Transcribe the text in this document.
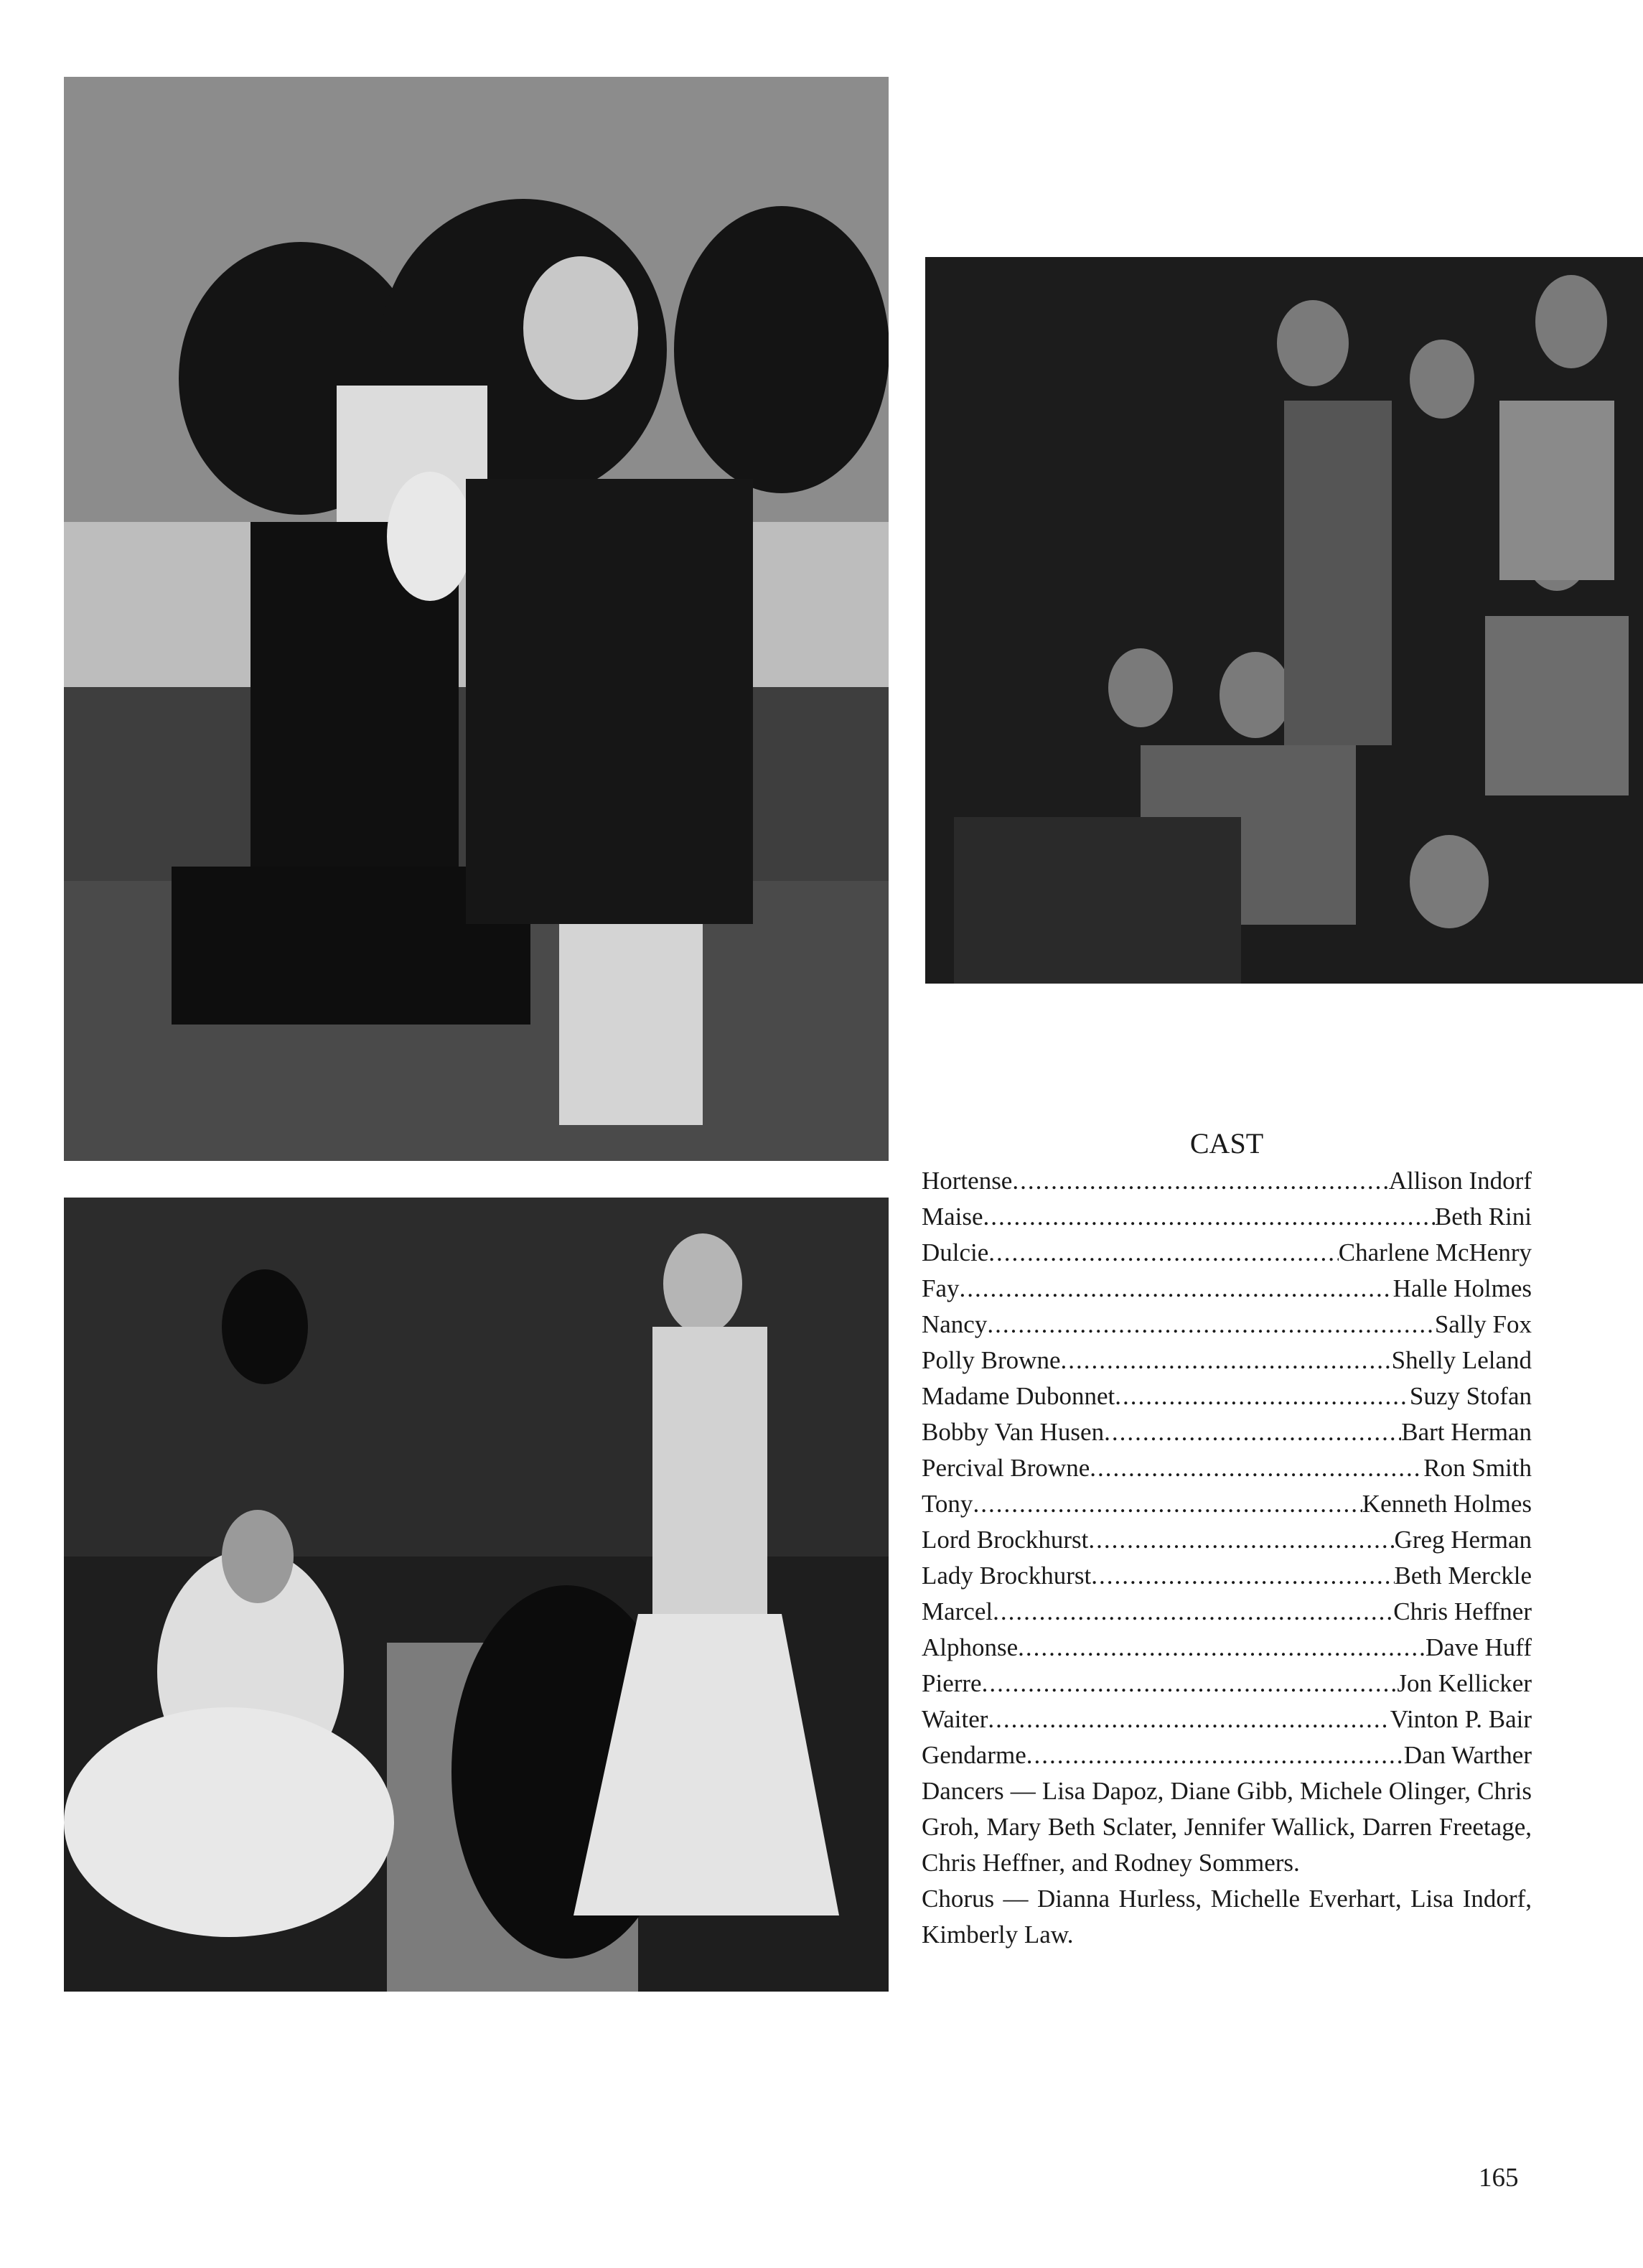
CAST
Hortense .....	Allison Indorf
Maise .....	Beth Rini
Dulcie .....	Charlene McHenry
Fay .....	Halle Holmes
Nancy .....	Sally Fox
Polly Browne .....	Shelly Leland
Madame Dubonnet .....	Suzy Stofan
Bobby Van Husen .....	Bart Herman
Percival Browne .....	Ron Smith
Tony .....	Kenneth Holmes
Lord Brockhurst .....	Greg Herman
Lady Brockhurst .....	Beth Merckle
Marcel .....	Chris Heffner
Alphonse .....	Dave Huff
Pierre .....	Jon Kellicker
Waiter .....	Vinton P. Bair
Gendarme .....	Dan Warther
Dancers — Lisa Dapoz, Diane Gibb, Michele Olinger, Chris Groh, Mary Beth Sclater, Jennifer Wallick, Darren Freetage, Chris Heffner, and Rodney Sommers.
Chorus — Dianna Hurless, Michelle Everhart, Lisa Indorf, Kimberly Law.
165
